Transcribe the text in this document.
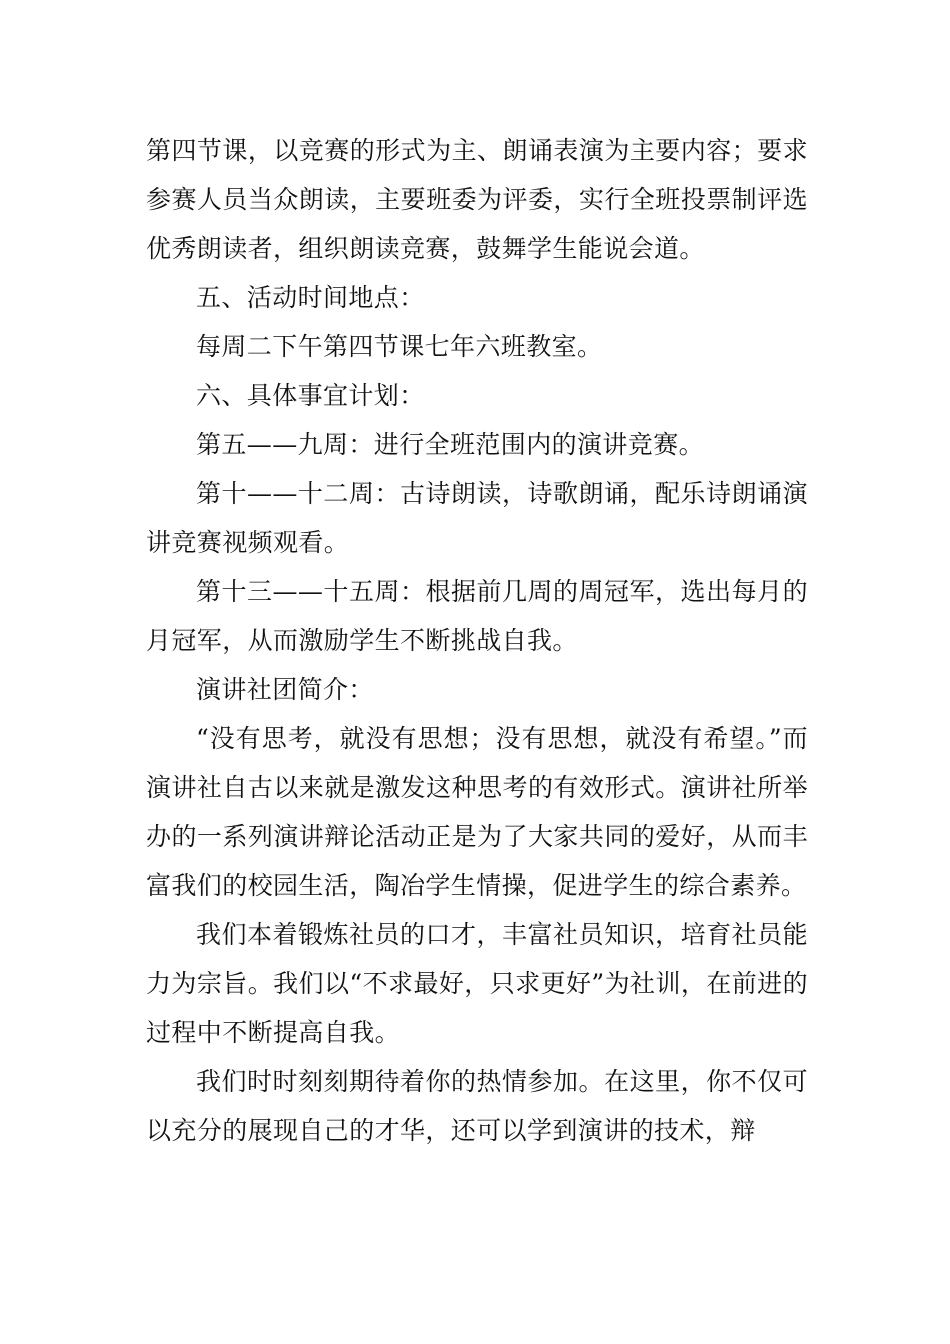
第四节课，以竞赛的形式为主、朗诵表演为主要内容；要求参赛人员当众朗读，主要班委为评委，实行全班投票制评选优秀朗读者，组织朗读竞赛，鼓舞学生能说会道。

五、活动时间地点：

每周二下午第四节课七年六班教室。

六、具体事宜计划：

第五——九周：进行全班范围内的演讲竞赛。

第十——十二周：古诗朗读，诗歌朗诵，配乐诗朗诵演讲竞赛视频观看。

第十三——十五周：根据前几周的周冠军，选出每月的月冠军，从而激励学生不断挑战自我。

演讲社团简介：

“没有思考，就没有思想；没有思想，就没有希望。”而演讲社自古以来就是激发这种思考的有效形式。演讲社所举办的一系列演讲辩论活动正是为了大家共同的爱好，从而丰富我们的校园生活，陶冶学生情操，促进学生的综合素养。

我们本着锻炼社员的口才，丰富社员知识，培育社员能力为宗旨。我们以“不求最好，只求更好”为社训，在前进的过程中不断提高自我。

我们时时刻刻期待着你的热情参加。在这里，你不仅可以充分的展现自己的才华，还可以学到演讲的技术，辩
